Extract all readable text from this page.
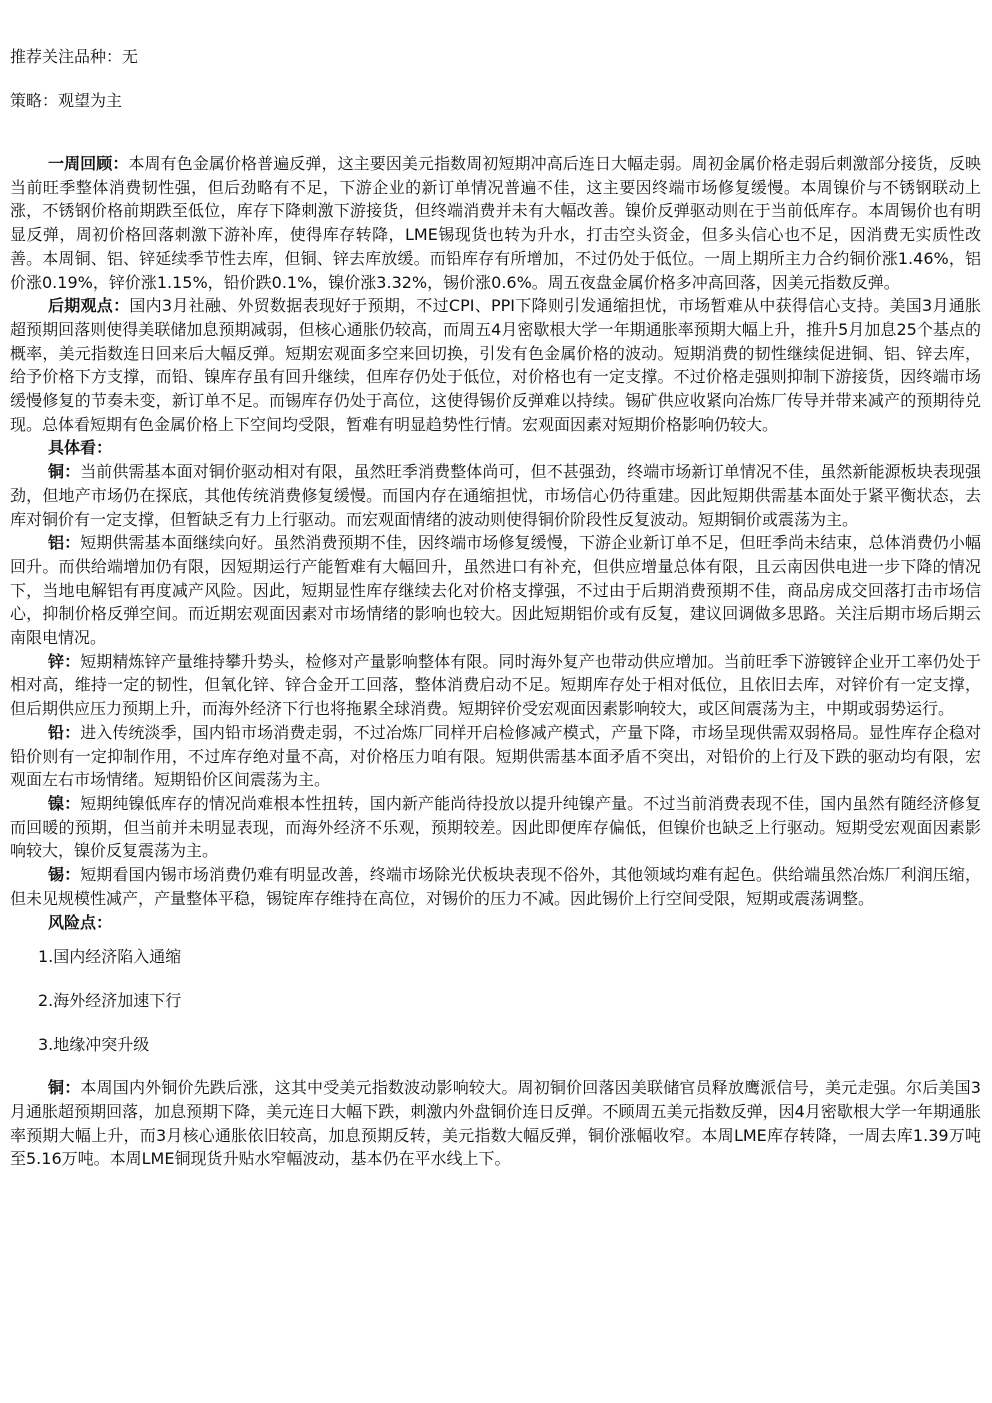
推荐关注品种：无

策略：观望为主

一周回顾：本周有色金属价格普遍反弹，这主要因美元指数周初短期冲高后连日大幅走弱。周初金属价格走弱后刺激部分接货，反映当前旺季整体消费韧性强，但后劲略有不足，下游企业的新订单情况普遍不佳，这主要因终端市场修复缓慢。本周镍价与不锈钢联动上涨，不锈钢价格前期跌至低位，库存下降刺激下游接货，但终端消费并未有大幅改善。镍价反弹驱动则在于当前低库存。本周锡价也有明显反弹，周初价格回落刺激下游补库，使得库存转降，LME锡现货也转为升水，打击空头资金，但多头信心也不足，因消费无实质性改善。本周铜、铝、锌延续季节性去库，但铜、锌去库放缓。而铅库存有所增加，不过仍处于低位。一周上期所主力合约铜价涨1.46%，铝价涨0.19%，锌价涨1.15%，铅价跌0.1%，镍价涨3.32%，锡价涨0.6%。周五夜盘金属价格多冲高回落，因美元指数反弹。

后期观点：国内3月社融、外贸数据表现好于预期，不过CPI、PPI下降则引发通缩担忧，市场暂难从中获得信心支持。美国3月通胀超预期回落则使得美联储加息预期减弱，但核心通胀仍较高，而周五4月密歇根大学一年期通胀率预期大幅上升，推升5月加息25个基点的概率，美元指数连日回来后大幅反弹。短期宏观面多空来回切换，引发有色金属价格的波动。短期消费的韧性继续促进铜、铝、锌去库，给予价格下方支撑，而铅、镍库存虽有回升继续，但库存仍处于低位，对价格也有一定支撑。不过价格走强则抑制下游接货，因终端市场缓慢修复的节奏未变，新订单不足。而锡库存仍处于高位，这使得锡价反弹难以持续。锡矿供应收紧向冶炼厂传导并带来减产的预期待兑现。总体看短期有色金属价格上下空间均受限，暂难有明显趋势性行情。宏观面因素对短期价格影响仍较大。

具体看：

铜：当前供需基本面对铜价驱动相对有限，虽然旺季消费整体尚可，但不甚强劲，终端市场新订单情况不佳，虽然新能源板块表现强劲，但地产市场仍在探底，其他传统消费修复缓慢。而国内存在通缩担忧，市场信心仍待重建。因此短期供需基本面处于紧平衡状态，去库对铜价有一定支撑，但暂缺乏有力上行驱动。而宏观面情绪的波动则使得铜价阶段性反复波动。短期铜价或震荡为主。

铝：短期供需基本面继续向好。虽然消费预期不佳，因终端市场修复缓慢，下游企业新订单不足，但旺季尚未结束，总体消费仍小幅回升。而供给端增加仍有限，因短期运行产能暂难有大幅回升，虽然进口有补充，但供应增量总体有限，且云南因供电进一步下降的情况下，当地电解铝有再度减产风险。因此，短期显性库存继续去化对价格支撑强，不过由于后期消费预期不佳，商品房成交回落打击市场信心，抑制价格反弹空间。而近期宏观面因素对市场情绪的影响也较大。因此短期铝价或有反复，建议回调做多思路。关注后期市场后期云南限电情况。

锌：短期精炼锌产量维持攀升势头，检修对产量影响整体有限。同时海外复产也带动供应增加。当前旺季下游镀锌企业开工率仍处于相对高，维持一定的韧性，但氧化锌、锌合金开工回落，整体消费启动不足。短期库存处于相对低位，且依旧去库，对锌价有一定支撑，但后期供应压力预期上升，而海外经济下行也将拖累全球消费。短期锌价受宏观面因素影响较大，或区间震荡为主，中期或弱势运行。

铅：进入传统淡季，国内铅市场消费走弱，不过冶炼厂同样开启检修减产模式，产量下降，市场呈现供需双弱格局。显性库存企稳对铅价则有一定抑制作用，不过库存绝对量不高，对价格压力咱有限。短期供需基本面矛盾不突出，对铅价的上行及下跌的驱动均有限，宏观面左右市场情绪。短期铅价区间震荡为主。

镍：短期纯镍低库存的情况尚难根本性扭转，国内新产能尚待投放以提升纯镍产量。不过当前消费表现不佳，国内虽然有随经济修复而回暖的预期，但当前并未明显表现，而海外经济不乐观，预期较差。因此即便库存偏低，但镍价也缺乏上行驱动。短期受宏观面因素影响较大，镍价反复震荡为主。

锡：短期看国内锡市场消费仍难有明显改善，终端市场除光伏板块表现不俗外，其他领域均难有起色。供给端虽然冶炼厂利润压缩，但未见规模性减产，产量整体平稳，锡锭库存维持在高位，对锡价的压力不减。因此锡价上行空间受限，短期或震荡调整。

风险点：

1.国内经济陷入通缩
2.海外经济加速下行
3.地缘冲突升级

铜：本周国内外铜价先跌后涨，这其中受美元指数波动影响较大。周初铜价回落因美联储官员释放鹰派信号，美元走强。尔后美国3月通胀超预期回落，加息预期下降，美元连日大幅下跌，刺激内外盘铜价连日反弹。不顾周五美元指数反弹，因4月密歇根大学一年期通胀率预期大幅上升，而3月核心通胀依旧较高，加息预期反转，美元指数大幅反弹，铜价涨幅收窄。本周LME库存转降，一周去库1.39万吨至5.16万吨。本周LME铜现货升贴水窄幅波动，基本仍在平水线上下。
